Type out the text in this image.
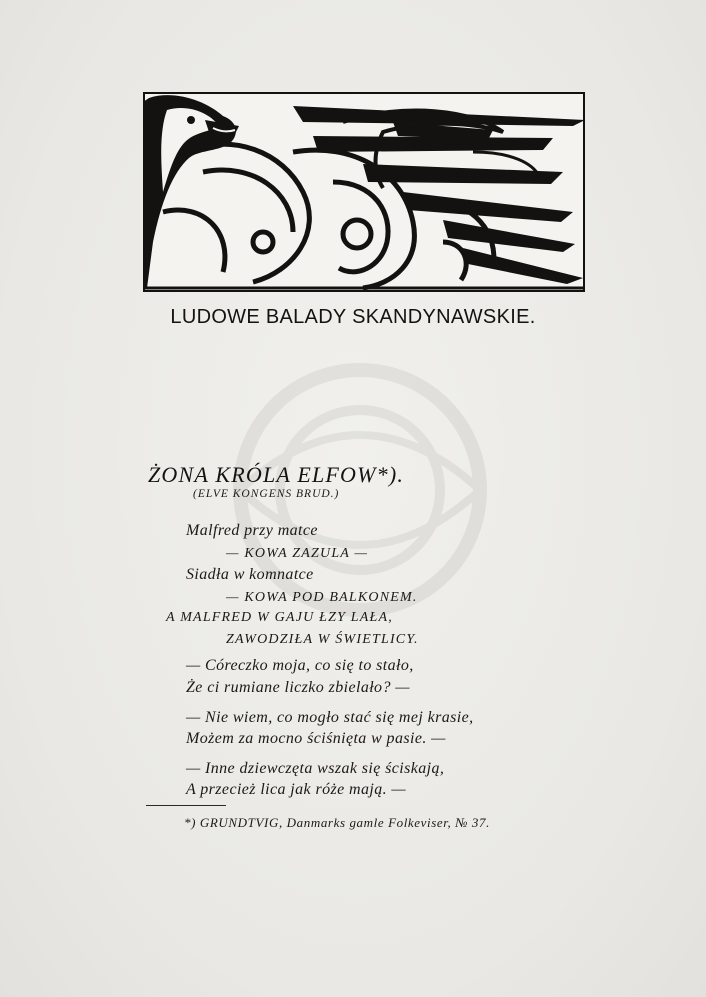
LUDOWE BALADY SKANDYNAWSKIE.
ŻONA KRÓLA ELFOW*).
(ELVE KONGENS BRUD.)
Malfred przy matce
— KOWA ZAZULA —
Siadła w komnatce
— KOWA POD BALKONEM.
A MALFRED W GAJU ŁZY LAŁA,
ZAWODZIŁA W ŚWIETLICY.
— Córeczko moja, co się to stało,
Że ci rumiane liczko zbielało? —
— Nie wiem, co mogło stać się mej krasie,
Możem za mocno ściśnięta w pasie. —
— Inne dziewczęta wszak się ściskają,
A przecież lica jak róże mają. —
*) GRUNDTVIG, Danmarks gamle Folkeviser, № 37.
